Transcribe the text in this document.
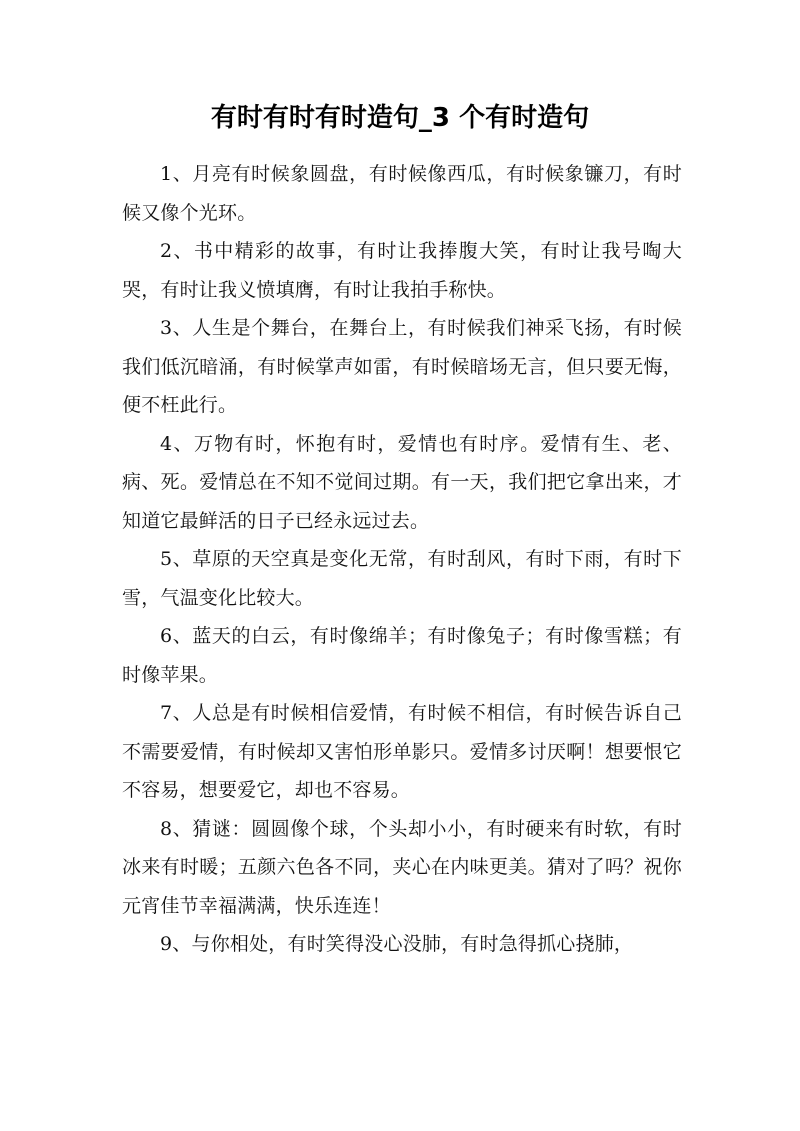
有时有时有时造句_3 个有时造句

1、月亮有时候象圆盘，有时候像西瓜，有时候象镰刀，有时候又像个光环。

2、书中精彩的故事，有时让我捧腹大笑，有时让我号啕大哭，有时让我义愤填膺，有时让我拍手称快。

3、人生是个舞台，在舞台上，有时候我们神采飞扬，有时候我们低沉暗涌，有时候掌声如雷，有时候暗场无言，但只要无悔，便不枉此行。

4、万物有时，怀抱有时，爱情也有时序。爱情有生、老、病、死。爱情总在不知不觉间过期。有一天，我们把它拿出来，才知道它最鲜活的日子已经永远过去。

5、草原的天空真是变化无常，有时刮风，有时下雨，有时下雪，气温变化比较大。

6、蓝天的白云，有时像绵羊；有时像兔子；有时像雪糕；有时像苹果。

7、人总是有时候相信爱情，有时候不相信，有时候告诉自己不需要爱情，有时候却又害怕形单影只。爱情多讨厌啊！想要恨它不容易，想要爱它，却也不容易。

8、猜谜：圆圆像个球，个头却小小，有时硬来有时软，有时冰来有时暖；五颜六色各不同，夹心在内味更美。猜对了吗？祝你元宵佳节幸福满满，快乐连连！

9、与你相处，有时笑得没心没肺，有时急得抓心挠肺，
